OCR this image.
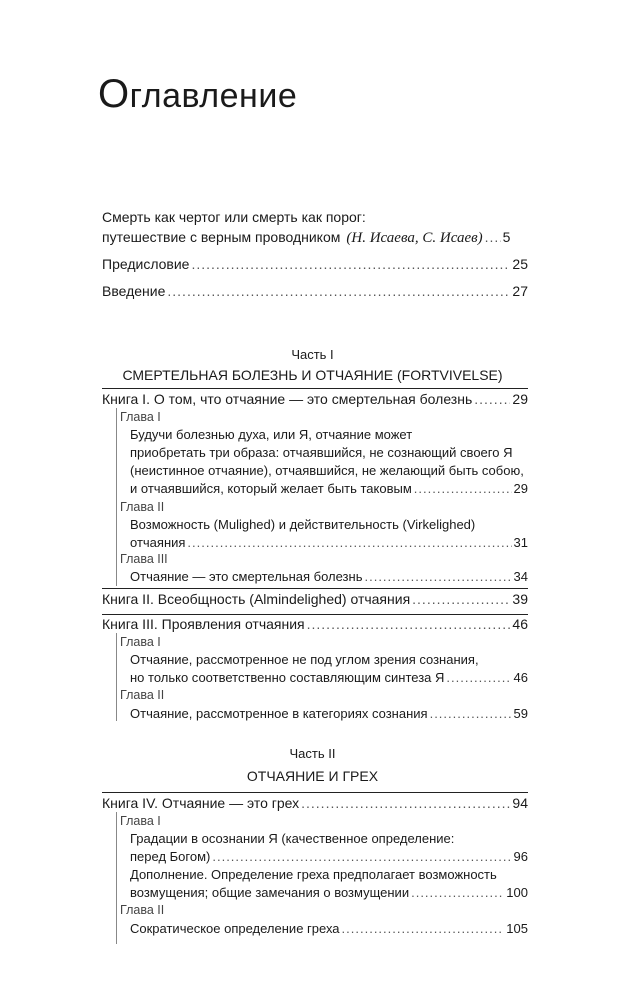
Оглавление
Смерть как чертог или смерть как порог:
путешествие с верным проводником (Н. Исаева, С. Исаев) ..... 5
Предисловие .....	25
Введение .....	27
Часть I
СМЕРТЕЛЬНАЯ БОЛЕЗНЬ И ОТЧАЯНИЕ (FORTVIVELSE)
Книга I. О том, что отчаяние — это смертельная болезнь .....	29
Глава I
Будучи болезнью духа, или Я, отчаяние может
приобретать три образа: отчаявшийся, не сознающий своего Я
(неистинное отчаяние), отчаявшийся, не желающий быть собою,
и отчаявшийся, который желает быть таковым .....	29
Глава II
Возможность (Mulighed) и действительность (Virkelighed)
отчаяния .....	31
Глава III
Отчаяние — это смертельная болезнь .....	34
Книга II. Всеобщность (Almindelighed) отчаяния .....	39
Книга III. Проявления отчаяния .....	46
Глава I
Отчаяние, рассмотренное не под углом зрения сознания,
но только соответственно составляющим синтеза Я .....	46
Глава II
Отчаяние, рассмотренное в категориях сознания .....	59
Часть II
ОТЧАЯНИЕ И ГРЕХ
Книга IV. Отчаяние — это грех .....	94
Глава I
Градации в осознании Я (качественное определение:
перед Богом) .....	96
Дополнение. Определение греха предполагает возможность
возмущения; общие замечания о возмущении .....	100
Глава II
Сократическое определение греха .....	105
